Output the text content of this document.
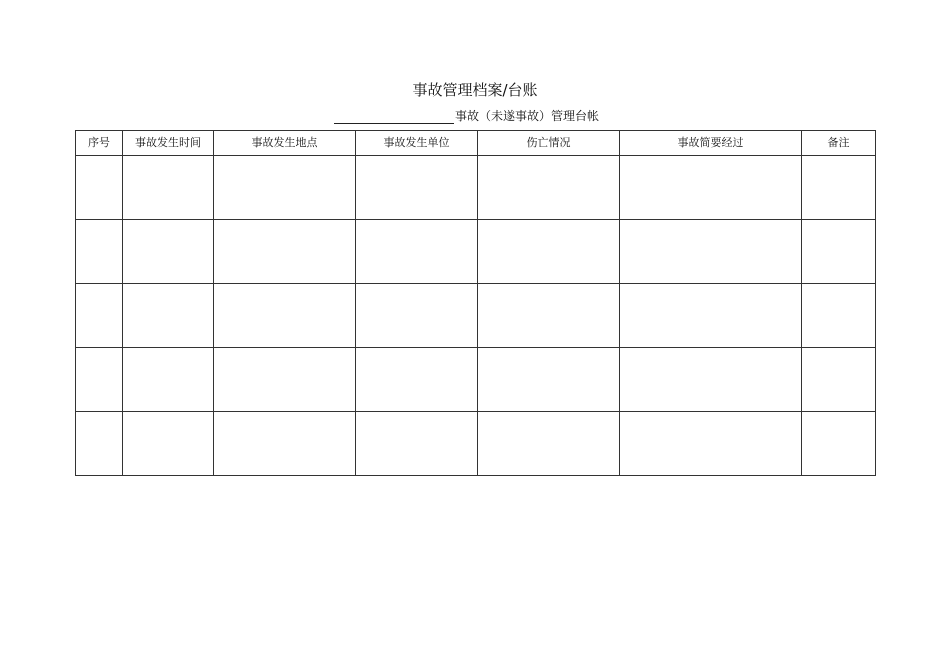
事故管理档案/台账
事故（未遂事故）管理台帐
序号	事故发生时间	事故发生地点	事故发生单位	伤亡情况	事故简要经过	备注
